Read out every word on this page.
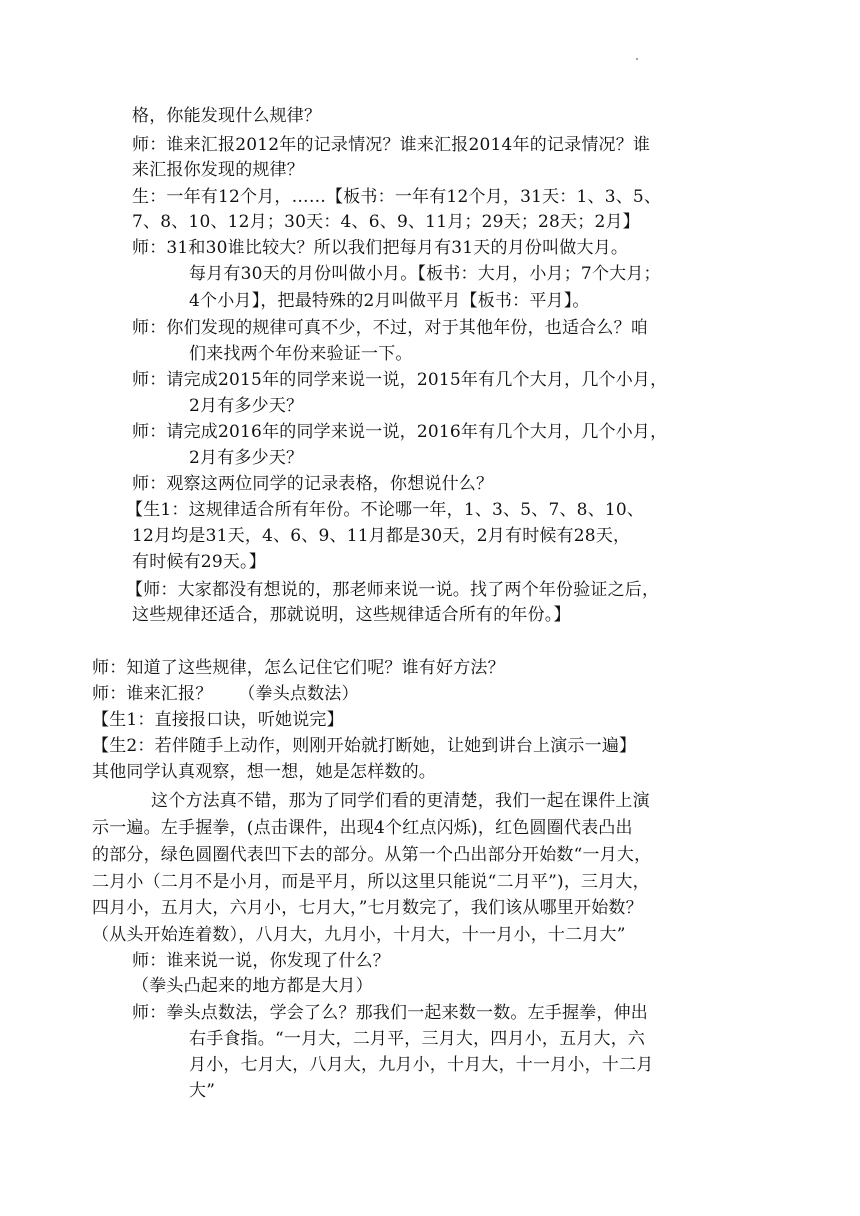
格，你能发现什么规律？
师：谁来汇报2012年的记录情况？谁来汇报2014年的记录情况？谁
来汇报你发现的规律？
生：一年有12个月，……【板书：一年有12个月，31天：1、3、5、
7、8、10、12月；30天：4、6、9、11月；29天；28天；2月】
师：31和30谁比较大？所以我们把每月有31天的月份叫做大月。
每月有30天的月份叫做小月。【板书：大月，小月；7个大月；
4个小月】，把最特殊的2月叫做平月【板书：平月】。
师：你们发现的规律可真不少，不过，对于其他年份，也适合么？咱
们来找两个年份来验证一下。
师：请完成2015年的同学来说一说，2015年有几个大月，几个小月，
2月有多少天？
师：请完成2016年的同学来说一说，2016年有几个大月，几个小月，
2月有多少天？
师：观察这两位同学的记录表格，你想说什么？
【生1：这规律适合所有年份。不论哪一年，1、3、5、7、8、10、
12月均是31天，4、6、9、11月都是30天，2月有时候有28天，
有时候有29天。】
【师：大家都没有想说的，那老师来说一说。找了两个年份验证之后，
这些规律还适合，那就说明，这些规律适合所有的年份。】
师：知道了这些规律，怎么记住它们呢？谁有好方法？
师：谁来汇报？　　（拳头点数法）
【生1：直接报口诀，听她说完】
【生2：若伴随手上动作，则刚开始就打断她，让她到讲台上演示一遍】
其他同学认真观察，想一想，她是怎样数的。
这个方法真不错，那为了同学们看的更清楚，我们一起在课件上演
示一遍。左手握拳，(点击课件，出现4个红点闪烁)，红色圆圈代表凸出
的部分，绿色圆圈代表凹下去的部分。从第一个凸出部分开始数“一月大，
二月小（二月不是小月，而是平月，所以这里只能说“二月平”)，三月大，
四月小，五月大，六月小，七月大，”七月数完了，我们该从哪里开始数？
（从头开始连着数），八月大，九月小，十月大，十一月小，十二月大”
师：谁来说一说，你发现了什么？
（拳头凸起来的地方都是大月）
师：拳头点数法，学会了么？那我们一起来数一数。左手握拳，伸出
右手食指。“一月大，二月平，三月大，四月小，五月大，六
月小，七月大，八月大，九月小，十月大，十一月小，十二月
大”
